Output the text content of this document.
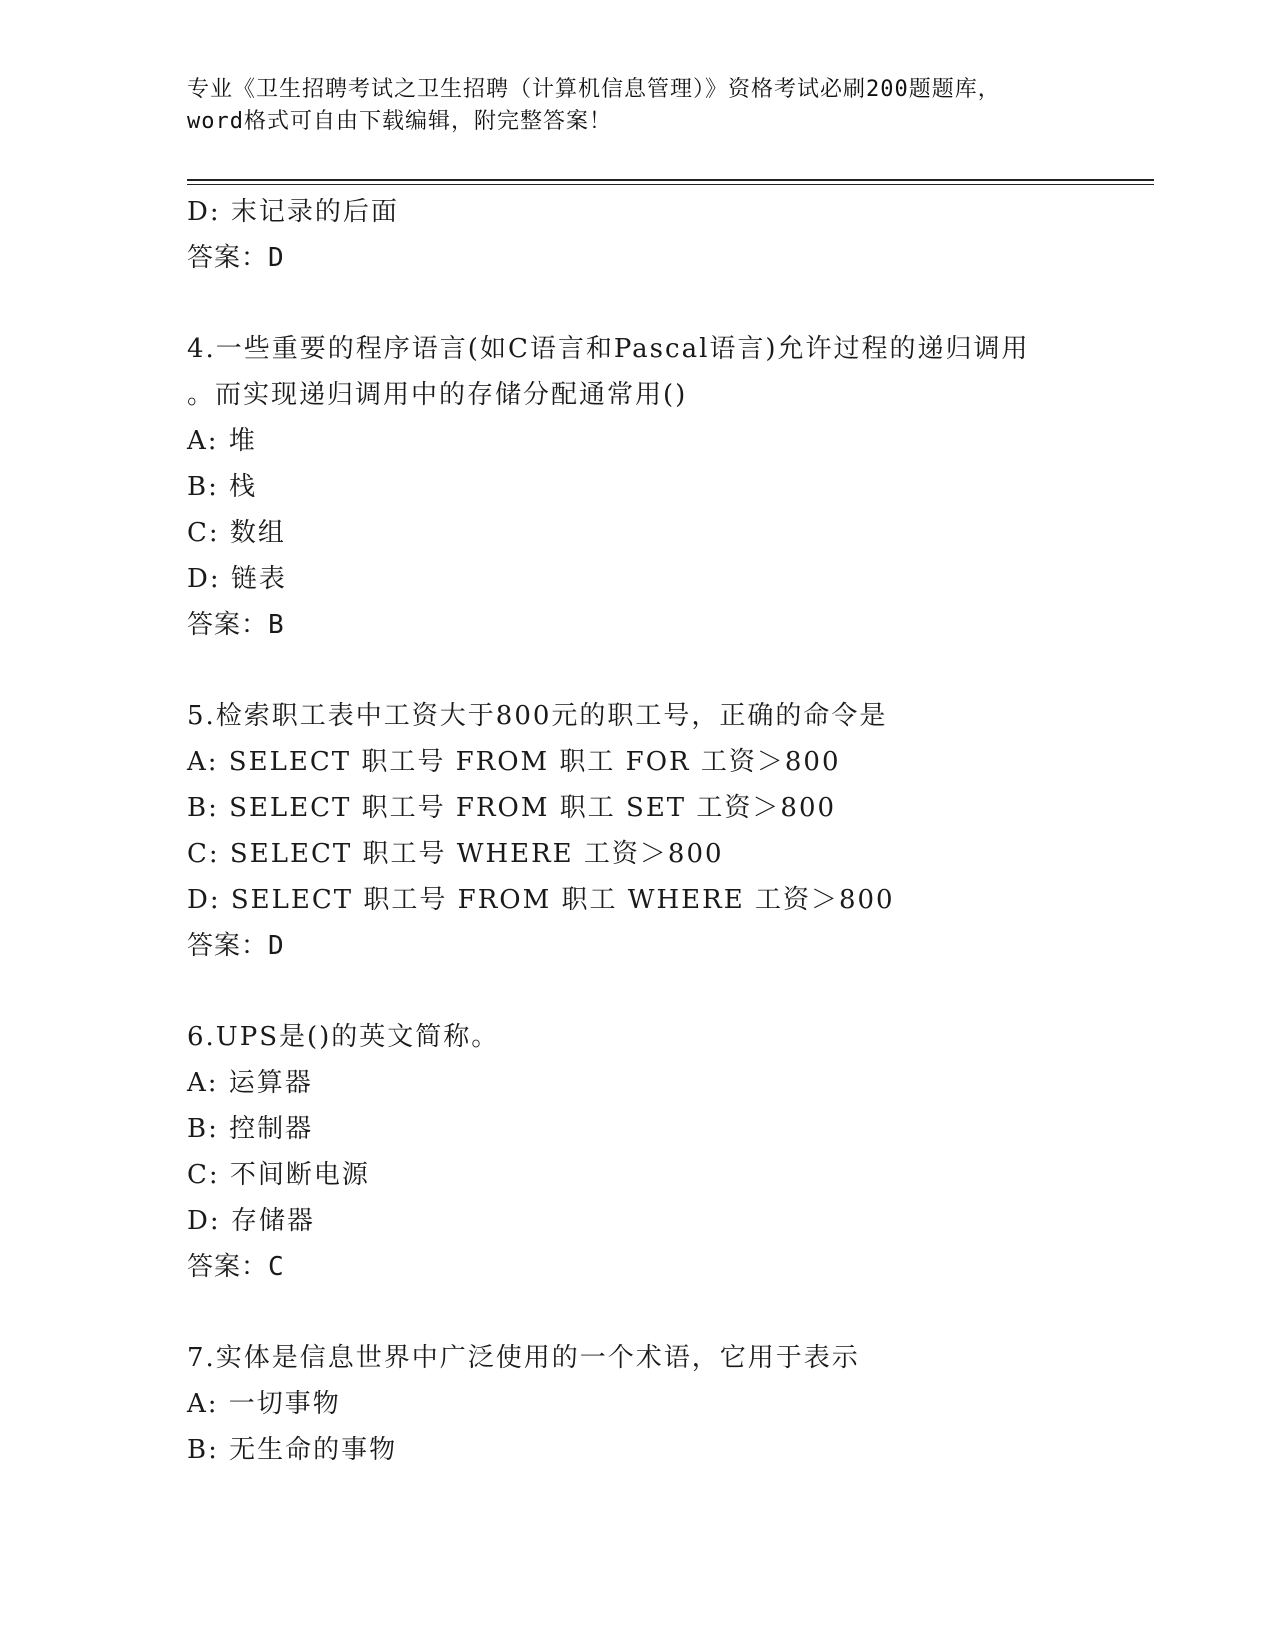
专业《卫生招聘考试之卫生招聘（计算机信息管理）》资格考试必刷200题题库，
word格式可自由下载编辑，附完整答案！
D: 末记录的后面
答案：D
4.一些重要的程序语言(如C语言和Pascal语言)允许过程的递归调用
。而实现递归调用中的存储分配通常用()
A: 堆
B: 栈
C: 数组
D: 链表
答案：B
5.检索职工表中工资大于800元的职工号，正确的命令是
A: SELECT 职工号 FROM 职工 FOR 工资＞800
B: SELECT 职工号 FROM 职工 SET 工资＞800
C: SELECT 职工号 WHERE 工资＞800
D: SELECT 职工号 FROM 职工 WHERE 工资＞800
答案：D
6.UPS是()的英文简称。
A: 运算器
B: 控制器
C: 不间断电源
D: 存储器
答案：C
7.实体是信息世界中广泛使用的一个术语，它用于表示
A: 一切事物
B: 无生命的事物
